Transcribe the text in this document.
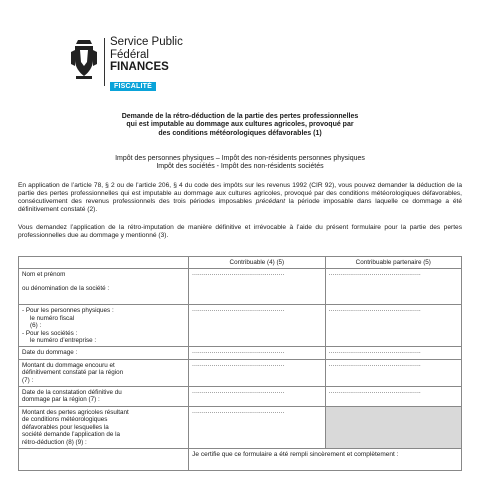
Service Public
Fédéral
FINANCES
FISCALITÉ
Demande de la rétro-déduction de la partie des pertes professionnelles
qui est imputable au dommage aux cultures agricoles, provoqué par
des conditions météorologiques défavorables (1)
Impôt des personnes physiques – Impôt des non-résidents personnes physiques
Impôt des sociétés - Impôt des non-résidents sociétés
En application de l’article 78, § 2 ou de l’article 206, § 4 du code des impôts sur les revenus 1992 (CIR 92), vous pouvez demander la déduction de la partie des pertes professionnelles qui est imputable au dommage aux cultures agricoles, provoqué par des conditions météorologiques défavorables, consécutivement des revenus professionnels des trois périodes imposables précédant la période imposable dans laquelle ce dommage a été définitivement constaté (2).
Vous demandez l’application de la rétro-imputation de manière définitive et irrévocable à l’aide du présent formulaire pour la partie des pertes professionnelles due au dommage y mentionné (3).
	Contribuable (4) (5)	Contribuable partenaire (5)

Nom et prénom
ou dénomination de la société :	...............................................	...............................................

- Pour les personnes physiques :
le numéro fiscal
(6) :
- Pour les sociétés :
le numéro d’entreprise :	...............................................	...............................................

Date du dommage :	...............................................	...............................................

Montant du dommage encouru et
définitivement constaté par la région
(7) :	...............................................	...............................................

Date de la constatation définitive du
dommage par la région (7) :	...............................................	...............................................

Montant des pertes agricoles résultant
de conditions météorologiques
défavorables pour lesquelles la
société demande l’application de la
rétro-déduction (8) (9) :	...............................................	

	Je certifie que ce formulaire a été rempli sincèrement et complètement :	
